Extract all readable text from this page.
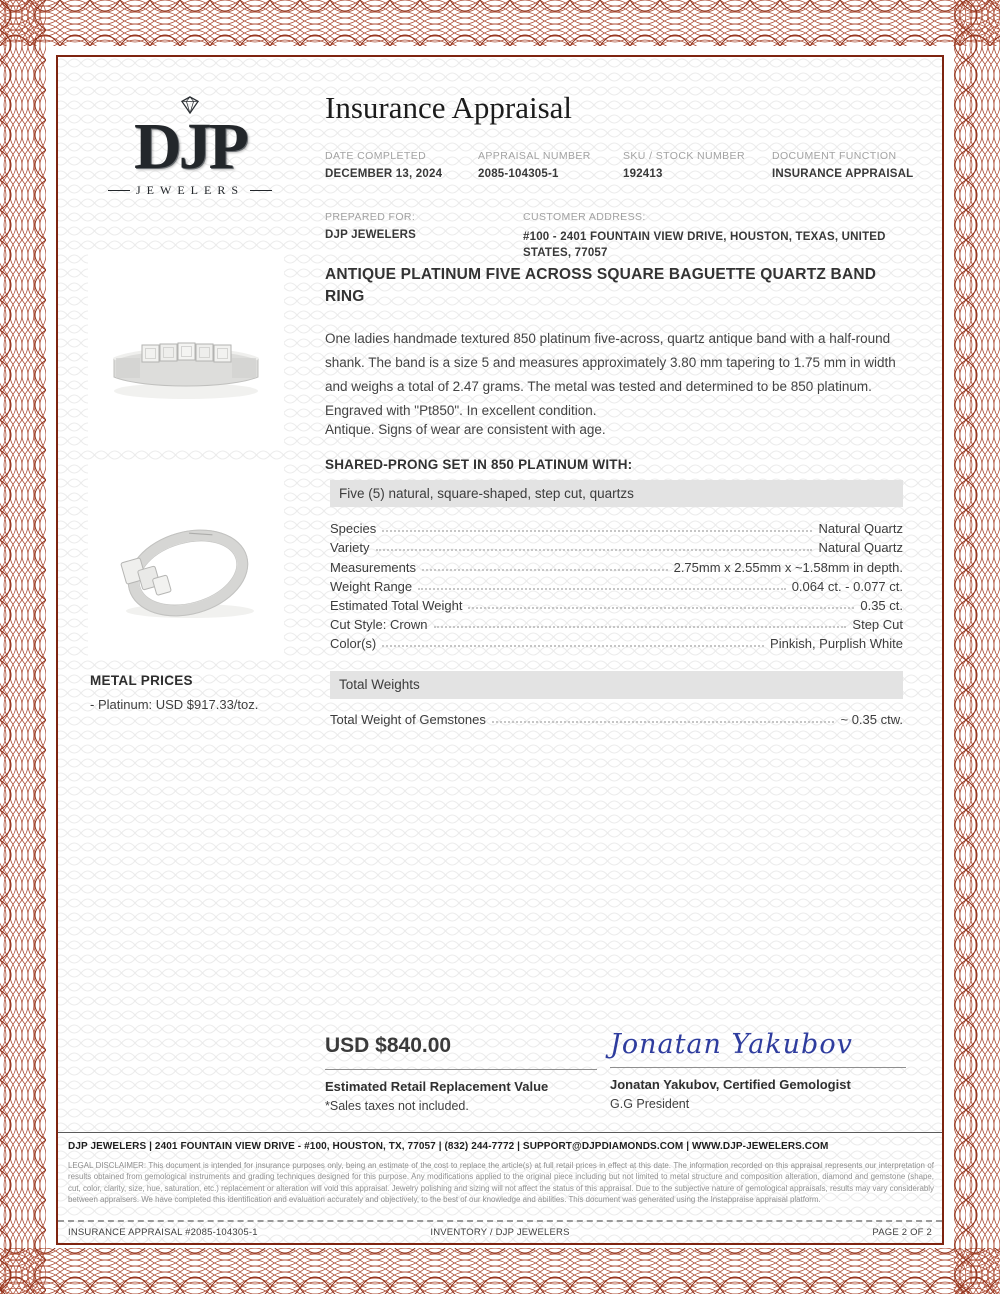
DJP
JEWELERS
Insurance Appraisal
DATE COMPLETED
DECEMBER 13, 2024
APPRAISAL NUMBER
2085-104305-1
SKU / STOCK NUMBER
192413
DOCUMENT FUNCTION
INSURANCE APPRAISAL
PREPARED FOR:
DJP JEWELERS
CUSTOMER ADDRESS:
#100 - 2401 FOUNTAIN VIEW DRIVE, HOUSTON, TEXAS, UNITED STATES, 77057
ANTIQUE PLATINUM FIVE ACROSS SQUARE BAGUETTE QUARTZ BAND RING
One ladies handmade textured 850 platinum five-across, quartz antique band with a half-round shank. The band is a size 5 and measures approximately 3.80 mm tapering to 1.75 mm in width and weighs a total of 2.47 grams. The metal was tested and determined to be 850 platinum. Engraved with "Pt850". In excellent condition.
Antique. Signs of wear are consistent with age.
SHARED-PRONG SET IN 850 PLATINUM WITH:
Five (5) natural, square-shaped, step cut, quartzs
Species	Natural Quartz
Variety	Natural Quartz
Measurements	2.75mm x 2.55mm x ~1.58mm in depth.
Weight Range	0.064 ct. - 0.077 ct.
Estimated Total Weight	0.35 ct.
Cut Style: Crown	Step Cut
Color(s)	Pinkish, Purplish White
METAL PRICES
- Platinum: USD $917.33/toz.
Total Weights
Total Weight of Gemstones	~ 0.35 ctw.
USD $840.00
Estimated Retail Replacement Value
*Sales taxes not included.
Jonatan Yakubov
Jonatan Yakubov, Certified Gemologist
G.G President
DJP JEWELERS | 2401 FOUNTAIN VIEW DRIVE - #100, HOUSTON, TX, 77057 | (832) 244-7772 | SUPPORT@DJPDIAMONDS.COM | WWW.DJP-JEWELERS.COM
LEGAL DISCLAIMER: This document is intended for insurance purposes only, being an estimate of the cost to replace the article(s) at full retail prices in effect at this date. The information recorded on this appraisal represents our interpretation of results obtained from gemological instruments and grading techniques designed for this purpose. Any modifications applied to the original piece including but not limited to metal structure and composition alteration, diamond and gemstone (shape, cut, color, clarity, size, hue, saturation, etc.) replacement or alteration will void this appraisal. Jewelry polishing and sizing will not affect the status of this appraisal. Due to the subjective nature of gemological appraisals, results may vary considerably between appraisers. We have completed this identification and evaluation accurately and objectively, to the best of our knowledge and abilities. This document was generated using the Instappraise appraisal platform.
INSURANCE APPRAISAL #2085-104305-1	INVENTORY / DJP JEWELERS	PAGE 2 OF 2
